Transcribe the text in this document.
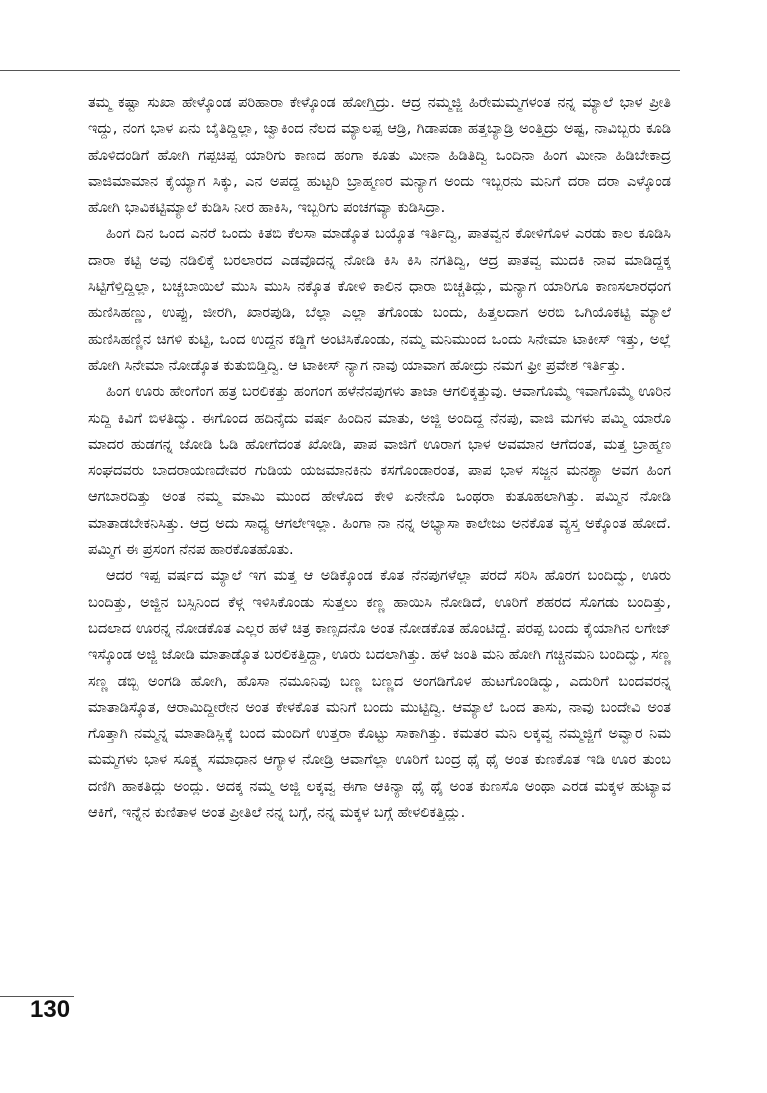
ತಮ್ಮ ಕಷ್ಟಾ ಸುಖಾ ಹೇಳ್ಕೊಂಡ ಪರಿಹಾರಾ ಕೇಳ್ಕೊಂಡ ಹೋಗ್ತಿದ್ರು. ಆದ್ರ ನಮ್ಮಜ್ಜಿ ಹಿರೇಮಮ್ಮಗಳಂತ ನನ್ನ ಮ್ಯಾಲೆ ಭಾಳ ಪ್ರೀತಿ ಇದ್ದು, ನಂಗ ಭಾಳ ಏನು ಬೈತಿದ್ದಿಲ್ಲಾ, ಜ್ವಾಕಿಂದ ನೆಲದ ಮ್ಯಾಲಪ್ಪ ಆಡ್ರಿ, ಗಿಡಾಪಡಾ ಹತ್ತಬ್ಯಾಡ್ರಿ ಅಂತ್ತಿದ್ರು ಅಷ್ಟ, ನಾವಿಬ್ಬರು ಕೂಡಿ ಹೊಳಿದಂಡಿಗೆ ಹೋಗಿ ಗಪ್ಪಚಿಪ್ಪ ಯಾರಿಗು ಕಾಣದ ಹಂಗಾ ಕೂತು ಮೀನಾ ಹಿಡಿತಿದ್ವಿ ಒಂದಿನಾ ಹಿಂಗ ಮೀನಾ ಹಿಡಿಬೇಕಾದ್ರ ವಾಜಿಮಾಮಾನ ಕೈಯ್ಯಾಗ ಸಿಕ್ಕು, ಎನ ಅಪದ್ದ ಹುಟ್ಟರಿ ಬ್ರಾಹ್ಮಣರ ಮನ್ಯಾಗ ಅಂದು ಇಬ್ಬರನು ಮನಿಗೆ ದರಾ ದರಾ ಎಳ್ಕೊಂಡ ಹೋಗಿ ಭಾವಿಕಟ್ಟಿಮ್ಯಾಲೆ ಕುಡಿಸಿ ನೀರ ಹಾಕಿಸಿ, ಇಬ್ಬರಿಗು ಪಂಚಗವ್ಯಾ ಕುಡಿಸಿದ್ರಾ.

ಹಿಂಗ ದಿನ ಒಂದ ಎನರೆ ಒಂದು ಕಿತಬಿ ಕೆಲಸಾ ಮಾಡ್ಕೊತ ಬಯ್ಕೊತ ಇರ್ತಿದ್ವಿ, ಪಾತವ್ವನ ಕೋಳಿಗೊಳ ಎರಡು ಕಾಲ ಕೂಡಿಸಿ ದಾರಾ ಕಟ್ಟಿ ಅವು ನಡಿಲಿಕ್ಕೆ ಬರಲಾರದ ಎಡವೊದನ್ನ ನೋಡಿ ಕಿಸಿ ಕಿಸಿ ನಗತಿದ್ವಿ, ಆದ್ರ ಪಾತವ್ವ ಮುದಕಿ ನಾವ ಮಾಡಿದ್ದಕ್ಕ ಸಿಟ್ಟಿಗೆಳ್ತಿದ್ದಿಲ್ಲಾ, ಬಚ್ಚಬಾಯಿಲೆ ಮುಸಿ ಮುಸಿ ನಕ್ಕೊತ ಕೋಳಿ ಕಾಲಿನ ಧಾರಾ ಬಿಚ್ಚತಿದ್ಲು, ಮನ್ಯಾಗ ಯಾರಿಗೂ ಕಾಣಸಲಾರಧಂಗ ಹುಣಿಸಿಹಣ್ಣು, ಉಪ್ಪು, ಜೀರಗಿ, ಖಾರಪುಡಿ, ಬೆಲ್ಲಾ ಎಲ್ಲಾ ತಗೊಂಡು ಬಂದು, ಹಿತ್ತಲದಾಗ ಅರಬಿ ಒಗಿಯೊಕಟ್ಟಿ ಮ್ಯಾಲೆ ಹುಣಿಸಿಹಣ್ಣಿನ ಚಿಗಳಿ ಕುಟ್ಟಿ, ಒಂದ ಉದ್ದನ ಕಡ್ಡಿಗೆ ಅಂಟಿಸಿಕೊಂಡು, ನಮ್ಮ ಮನಿಮುಂದ ಒಂದು ಸಿನೇಮಾ ಟಾಕೀಸ್ ಇತ್ತು, ಅಲ್ಲೆ ಹೋಗಿ ಸಿನೇಮಾ ನೋಡ್ಕೊತ ಕುತುಬಿಡ್ತಿದ್ವಿ. ಆ ಟಾಕೀಸ್ ನ್ಯಾಗ ನಾವು ಯಾವಾಗ ಹೋದ್ರು ನಮಗ ಫ್ರೀ ಪ್ರವೇಶ ಇರ್ತಿತ್ತು.

ಹಿಂಗ ಊರು ಹೇಂಗೆಂಗ ಹತ್ರ ಬರಲಿಕತ್ತು ಹಂಗಂಗ ಹಳೆನೆನಪುಗಳು ತಾಜಾ ಆಗಲಿಕ್ಕತ್ತುವು. ಆವಾಗೊಮ್ಮೆ ಇವಾಗೊಮ್ಮೆ ಊರಿನ ಸುದ್ದಿ ಕಿವಿಗೆ ಬಿಳತಿದ್ವು. ಈಗೊಂದ ಹದಿನೈದು ವರ್ಷ ಹಿಂದಿನ ಮಾತು, ಅಜ್ಜಿ ಅಂದಿದ್ದ ನೆನಪು, ವಾಜಿ ಮಗಳು ಪಮ್ಮಿ ಯಾರೊ ಮಾದರ ಹುಡಗನ್ನ ಜೋಡಿ ಓಡಿ ಹೋಗೆದಂತ ಖೋಡಿ, ಪಾಪ ವಾಜಿಗೆ ಊರಾಗ ಭಾಳ ಅವಮಾನ ಆಗೆದಂತ, ಮತ್ತ ಬ್ರಾಹ್ಮಣ ಸಂಘದವರು ಬಾದರಾಯಣದೇವರ ಗುಡಿಯ ಯಜಮಾನಕಿನು ಕಸಗೊಂಡಾರಂತ, ಪಾಪ ಭಾಳ ಸಜ್ಜನ ಮನಶ್ಯಾ ಅವಗ ಹಿಂಗ ಆಗಬಾರದಿತ್ತು ಅಂತ ನಮ್ಮ ಮಾಮಿ ಮುಂದ ಹೇಳೊದ ಕೇಳಿ ಏನೇನೊ ಒಂಥರಾ ಕುತೂಹಲಾಗಿತ್ತು. ಪಮ್ಮಿನ ನೋಡಿ ಮಾತಾಡಬೇಕನಿಸಿತ್ತು. ಆದ್ರ ಅದು ಸಾಧ್ಯ ಆಗಲೇಇಲ್ಲಾ. ಹಿಂಗಾ ನಾ ನನ್ನ ಅಭ್ಯಾಸಾ ಕಾಲೇಜು ಅನಕೊತ ವ್ಯಸ್ತ ಅಕ್ಕೊಂತ ಹೋದೆ. ಪಮ್ಮಿಗ ಈ ಪ್ರಸಂಗ ನೆನಪ ಹಾರಕೊತಹೊತು.

ಆದರ ಇಪ್ಪ ವರ್ಷದ ಮ್ಯಾಲೆ ಇಗ ಮತ್ತ ಆ ಅಡಿಕ್ಕೊಂಡ ಕೊತ ನೆನಪುಗಳೆಲ್ಲಾ ಪರದೆ ಸರಿಸಿ ಹೊರಗ ಬಂದಿದ್ವು, ಊರು ಬಂದಿತ್ತು, ಅಜ್ಜಿನ ಬಸ್ಸಿನಿಂದ ಕೆಳ್ಗ ಇಳಿಸಿಕೊಂಡು ಸುತ್ತಲು ಕಣ್ಣ ಹಾಯಿಸಿ ನೋಡಿದೆ, ಊರಿಗೆ ಶಹರದ ಸೊಗಡು ಬಂದಿತ್ತು, ಬದಲಾದ ಊರನ್ನ ನೋಡಕೊತ ಎಲ್ಲರ ಹಳೆ ಚಿತ್ರ ಕಾಣ್ಸದನೊ ಅಂತ ನೋಡಕೊತ ಹೊಂಟಿದ್ದೆ. ಪರಪ್ಪ ಬಂದು ಕೈಯಾಗಿನ ಲಗೇಜ್ ಇಸ್ಕೊಂಡ ಅಜ್ಜಿ ಜೋಡಿ ಮಾತಾಡ್ಕೊತ ಬರಲಿಕತ್ತಿದ್ದಾ, ಊರು ಬದಲಾಗಿತ್ತು. ಹಳೆ ಜಂತಿ ಮನಿ ಹೋಗಿ ಗಚ್ಚಿನಮನಿ ಬಂದಿದ್ವು, ಸಣ್ಣ ಸಣ್ಣ ಡಬ್ಬಿ ಅಂಗಡಿ ಹೋಗಿ, ಹೊಸಾ ನಮೂನಿವು ಬಣ್ಣ ಬಣ್ಣದ ಅಂಗಡಿಗೊಳ ಹುಟಗೊಂಡಿದ್ವು, ಎದುರಿಗೆ ಬಂದವರನ್ನ ಮಾತಾಡಿಸ್ಕೊತ, ಆರಾಮಿದ್ದೀರೇನ ಅಂತ ಕೇಳಕೊತ ಮನಿಗೆ ಬಂದು ಮುಟ್ಟಿದ್ವಿ. ಆಮ್ಯಾಲೆ ಒಂದ ತಾಸು, ನಾವು ಬಂದೇವಿ ಅಂತ ಗೊತ್ತಾಗಿ ನಮ್ಮನ್ನ ಮಾತಾಡಿಸ್ಲಿಕ್ಕೆ ಬಂದ ಮಂದಿಗೆ ಉತ್ತರಾ ಕೊಟ್ಟು ಸಾಕಾಗಿತ್ತು. ಕಮತರ ಮನಿ ಲಕ್ಕವ್ವ ನಮ್ಮಜ್ಜಿಗೆ ಅವ್ವಾರ ನಿಮ ಮಮ್ಮಗಳು ಭಾಳ ಸೂಕ್ಷ್ಮ ಸಮಾಧಾನ ಆಗ್ಯಾಳ ನೋಡ್ರಿ ಆವಾಗೆಲ್ಲಾ ಊರಿಗೆ ಬಂದ್ರ ಥೈ ಥೈ ಅಂತ ಕುಣಕೊತ ಇಡಿ ಊರ ತುಂಬ ದಣಿಗಿ ಹಾಕತಿದ್ಲು ಅಂದ್ಲು. ಅದಕ್ಕ ನಮ್ಮ ಅಜ್ಜಿ ಲಕ್ಕವ್ವ ಈಗಾ ಆಕಿನ್ಯಾ ಥೈ ಥೈ ಅಂತ ಕುಣಸೊ ಅಂಥಾ ಎರಡ ಮಕ್ಕಳ ಹುಟ್ಯಾವ ಆಕಿಗೆ, ಇನ್ನೆನ ಕುಣಿತಾಳ ಅಂತ ಪ್ರೀತಿಲೆ ನನ್ನ ಬಗ್ಗೆ, ನನ್ನ ಮಕ್ಕಳ ಬಗ್ಗೆ ಹೇಳಲಿಕತ್ತಿದ್ಲು.

130
